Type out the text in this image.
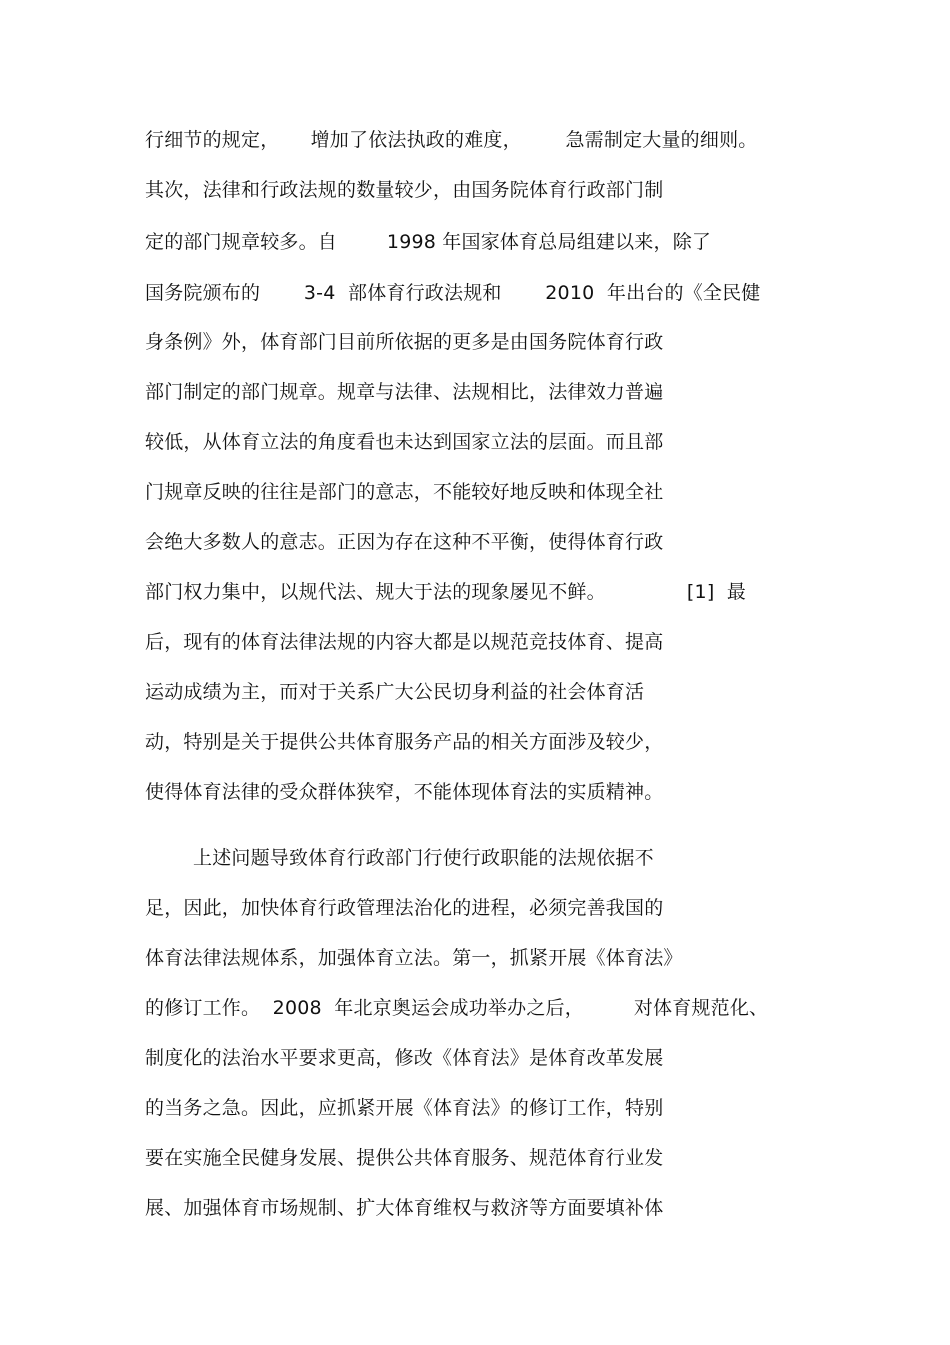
行细节的规定，     增加了依法执政的难度，       急需制定大量的细则。
其次，法律和行政法规的数量较少，由国务院体育行政部门制
定的部门规章较多。自        1998 年国家体育总局组建以来，除了
国务院颁布的       3-4  部体育行政法规和       2010  年出台的《全民健
身条例》外，体育部门目前所依据的更多是由国务院体育行政
部门制定的部门规章。规章与法律、法规相比，法律效力普遍
较低，从体育立法的角度看也未达到国家立法的层面。而且部
门规章反映的往往是部门的意志，不能较好地反映和体现全社
会绝大多数人的意志。正因为存在这种不平衡，使得体育行政
部门权力集中，以规代法、规大于法的现象屡见不鲜。             [1]  最
后，现有的体育法律法规的内容大都是以规范竞技体育、提高
运动成绩为主，而对于关系广大公民切身利益的社会体育活
动，特别是关于提供公共体育服务产品的相关方面涉及较少，
使得体育法律的受众群体狭窄，不能体现体育法的实质精神。
上述问题导致体育行政部门行使行政职能的法规依据不
足，因此，加快体育行政管理法治化的进程，必须完善我国的
体育法律法规体系，加强体育立法。第一，抓紧开展《体育法》
的修订工作。  2008  年北京奥运会成功举办之后，        对体育规范化、
制度化的法治水平要求更高，修改《体育法》是体育改革发展
的当务之急。因此，应抓紧开展《体育法》的修订工作，特别
要在实施全民健身发展、提供公共体育服务、规范体育行业发
展、加强体育市场规制、扩大体育维权与救济等方面要填补体
